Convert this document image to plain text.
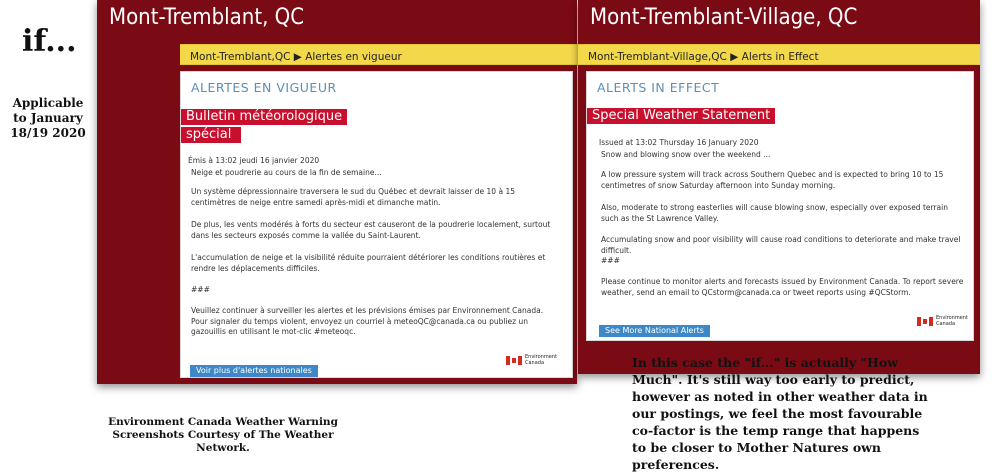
if...
Applicable to January 18/19 2020
Mont-Tremblant, QC
Mont-Tremblant,QC ▶ Alertes en vigueur
ALERTES EN VIGUEUR
Bulletin météorologique
spécial
Émis à 13:02 jeudi 16 janvier 2020
Neige et poudrerie au cours de la fin de semaine...
Un système dépressionnaire traversera le sud du Québec et devrait laisser de 10 à 15 centimètres de neige entre samedi après-midi et dimanche matin.
De plus, les vents modérés à forts du secteur est causeront de la poudrerie localement, surtout dans les secteurs exposés comme la vallée du Saint-Laurent.
L'accumulation de neige et la visibilité réduite pourraient détériorer les conditions routières et rendre les déplacements difficiles.
###
Veuillez continuer à surveiller les alertes et les prévisions émises par Environnement Canada. Pour signaler du temps violent, envoyez un courriel à meteoQC@canada.ca ou publiez un gazouillis en utilisant le mot-clic #meteoqc.
Environment
Canada
Voir plus d'alertes nationales
Mont-Tremblant-Village, QC
Mont-Tremblant-Village,QC ▶ Alerts in Effect
ALERTS IN EFFECT
Special Weather Statement
Issued at 13:02 Thursday 16 January 2020
Snow and blowing snow over the weekend ...
A low pressure system will track across Southern Quebec and is expected to bring 10 to 15 centimetres of snow Saturday afternoon into Sunday morning.
Also, moderate to strong easterlies will cause blowing snow, especially over exposed terrain such as the St Lawrence Valley.
Accumulating snow and poor visibility will cause road conditions to deteriorate and make travel difficult.
###
Please continue to monitor alerts and forecasts issued by Environment Canada. To report severe weather, send an email to QCstorm@canada.ca or tweet reports using #QCStorm.
Environment
Canada
See More National Alerts
Environment Canada Weather Warning Screenshots Courtesy of The Weather Network.
In this case the "if..." is actually "How Much". It's still way too early to predict, however as noted in other weather data in our postings, we feel the most favourable co-factor is the temp range that happens to be closer to Mother Natures own preferences.
